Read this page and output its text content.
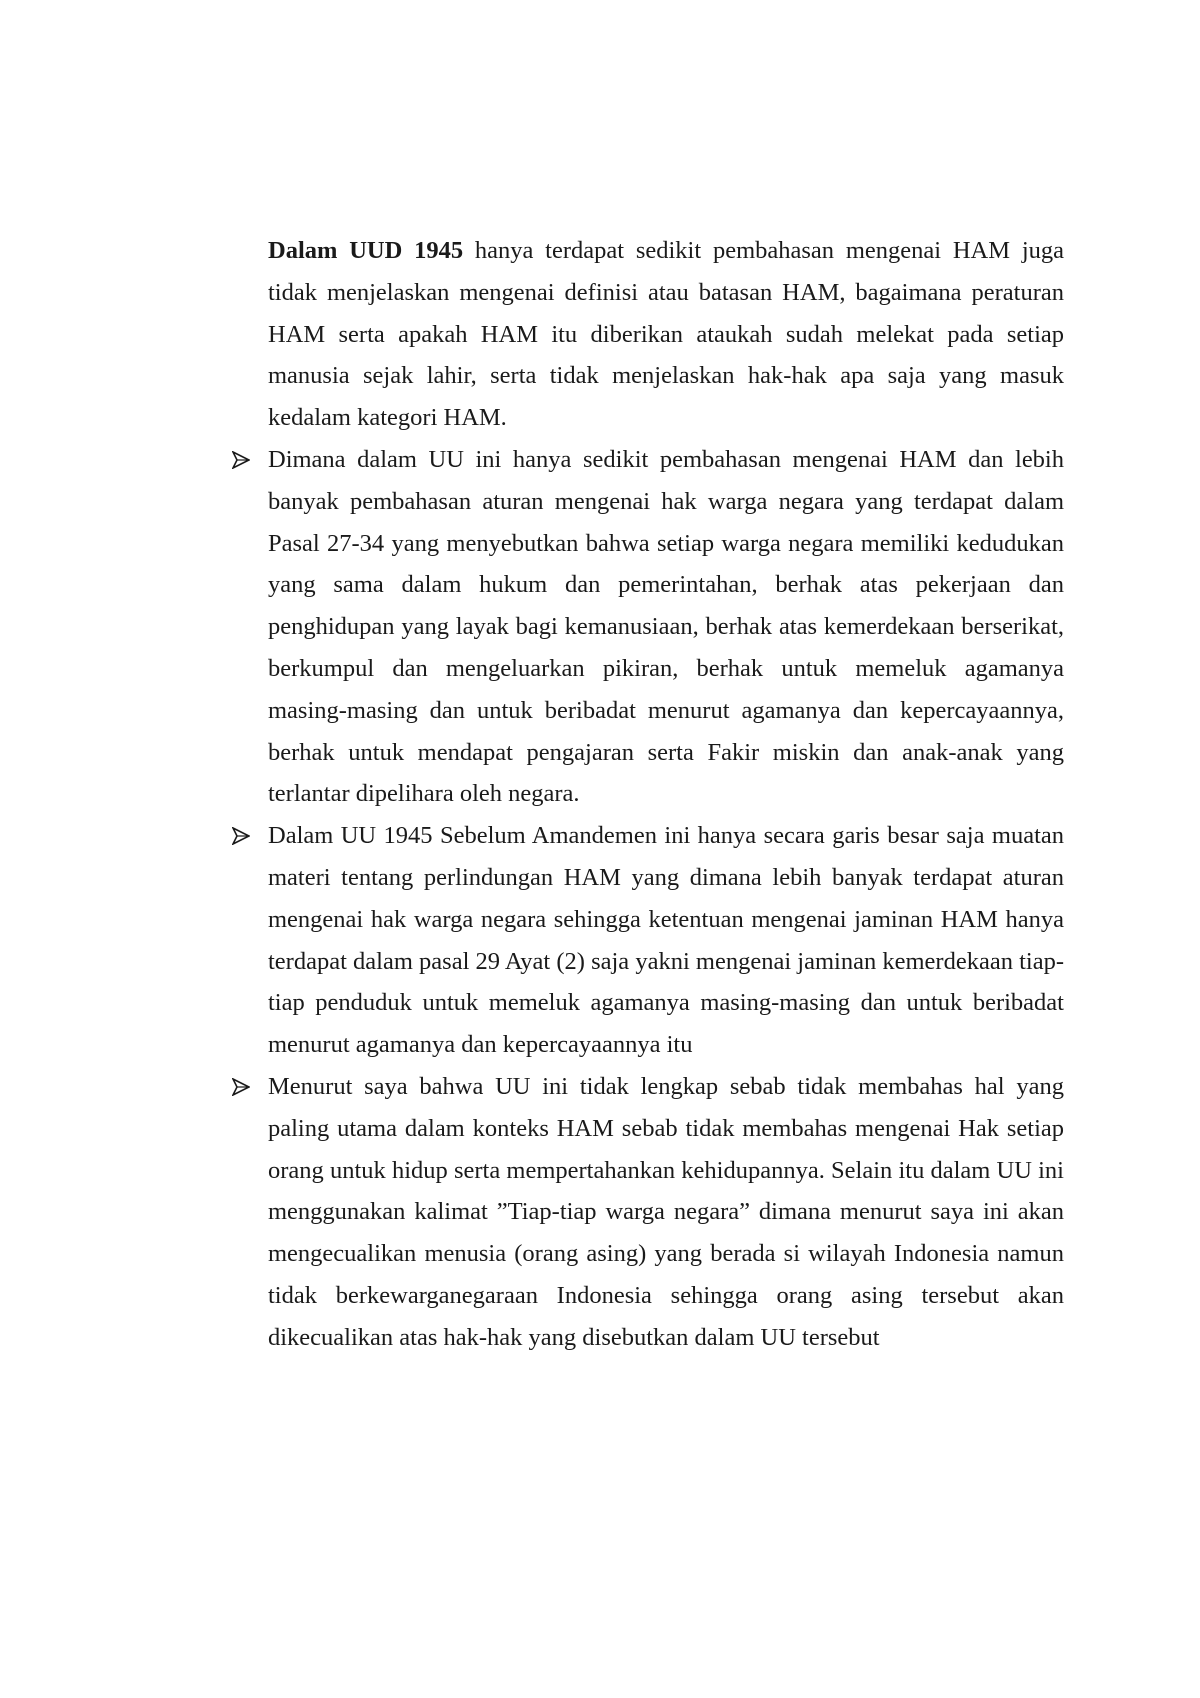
Dalam UUD 1945 hanya terdapat sedikit pembahasan mengenai HAM juga tidak menjelaskan mengenai definisi atau batasan HAM, bagaimana peraturan HAM serta apakah HAM itu diberikan ataukah sudah melekat pada setiap manusia sejak lahir, serta tidak menjelaskan hak-hak apa saja yang masuk kedalam kategori HAM.

Dimana dalam UU ini hanya sedikit pembahasan mengenai HAM dan lebih banyak pembahasan aturan mengenai hak warga negara yang terdapat dalam Pasal 27-34 yang menyebutkan bahwa setiap warga negara memiliki kedudukan yang sama dalam hukum dan pemerintahan, berhak atas pekerjaan dan penghidupan yang layak bagi kemanusiaan, berhak atas kemerdekaan berserikat, berkumpul dan mengeluarkan pikiran, berhak untuk memeluk agamanya masing-masing dan untuk beribadat menurut agamanya dan kepercayaannya, berhak untuk mendapat pengajaran serta Fakir miskin dan anak-anak yang terlantar dipelihara oleh negara.
Dalam UU 1945 Sebelum Amandemen ini hanya secara garis besar saja muatan materi tentang perlindungan HAM yang dimana lebih banyak terdapat aturan mengenai hak warga negara sehingga ketentuan mengenai jaminan HAM hanya terdapat dalam pasal 29 Ayat (2) saja yakni mengenai jaminan kemerdekaan tiap-tiap penduduk untuk memeluk agamanya masing-masing dan untuk beribadat menurut agamanya dan kepercayaannya itu
Menurut saya bahwa UU ini tidak lengkap sebab tidak membahas hal yang paling utama dalam konteks HAM sebab tidak membahas mengenai Hak setiap orang untuk hidup serta mempertahankan kehidupannya. Selain itu dalam UU ini menggunakan kalimat ”Tiap-tiap warga negara” dimana menurut saya ini akan mengecualikan menusia (orang asing) yang berada si wilayah Indonesia namun tidak berkewarganegaraan Indonesia sehingga orang asing tersebut akan dikecualikan atas hak-hak yang disebutkan dalam UU tersebut
